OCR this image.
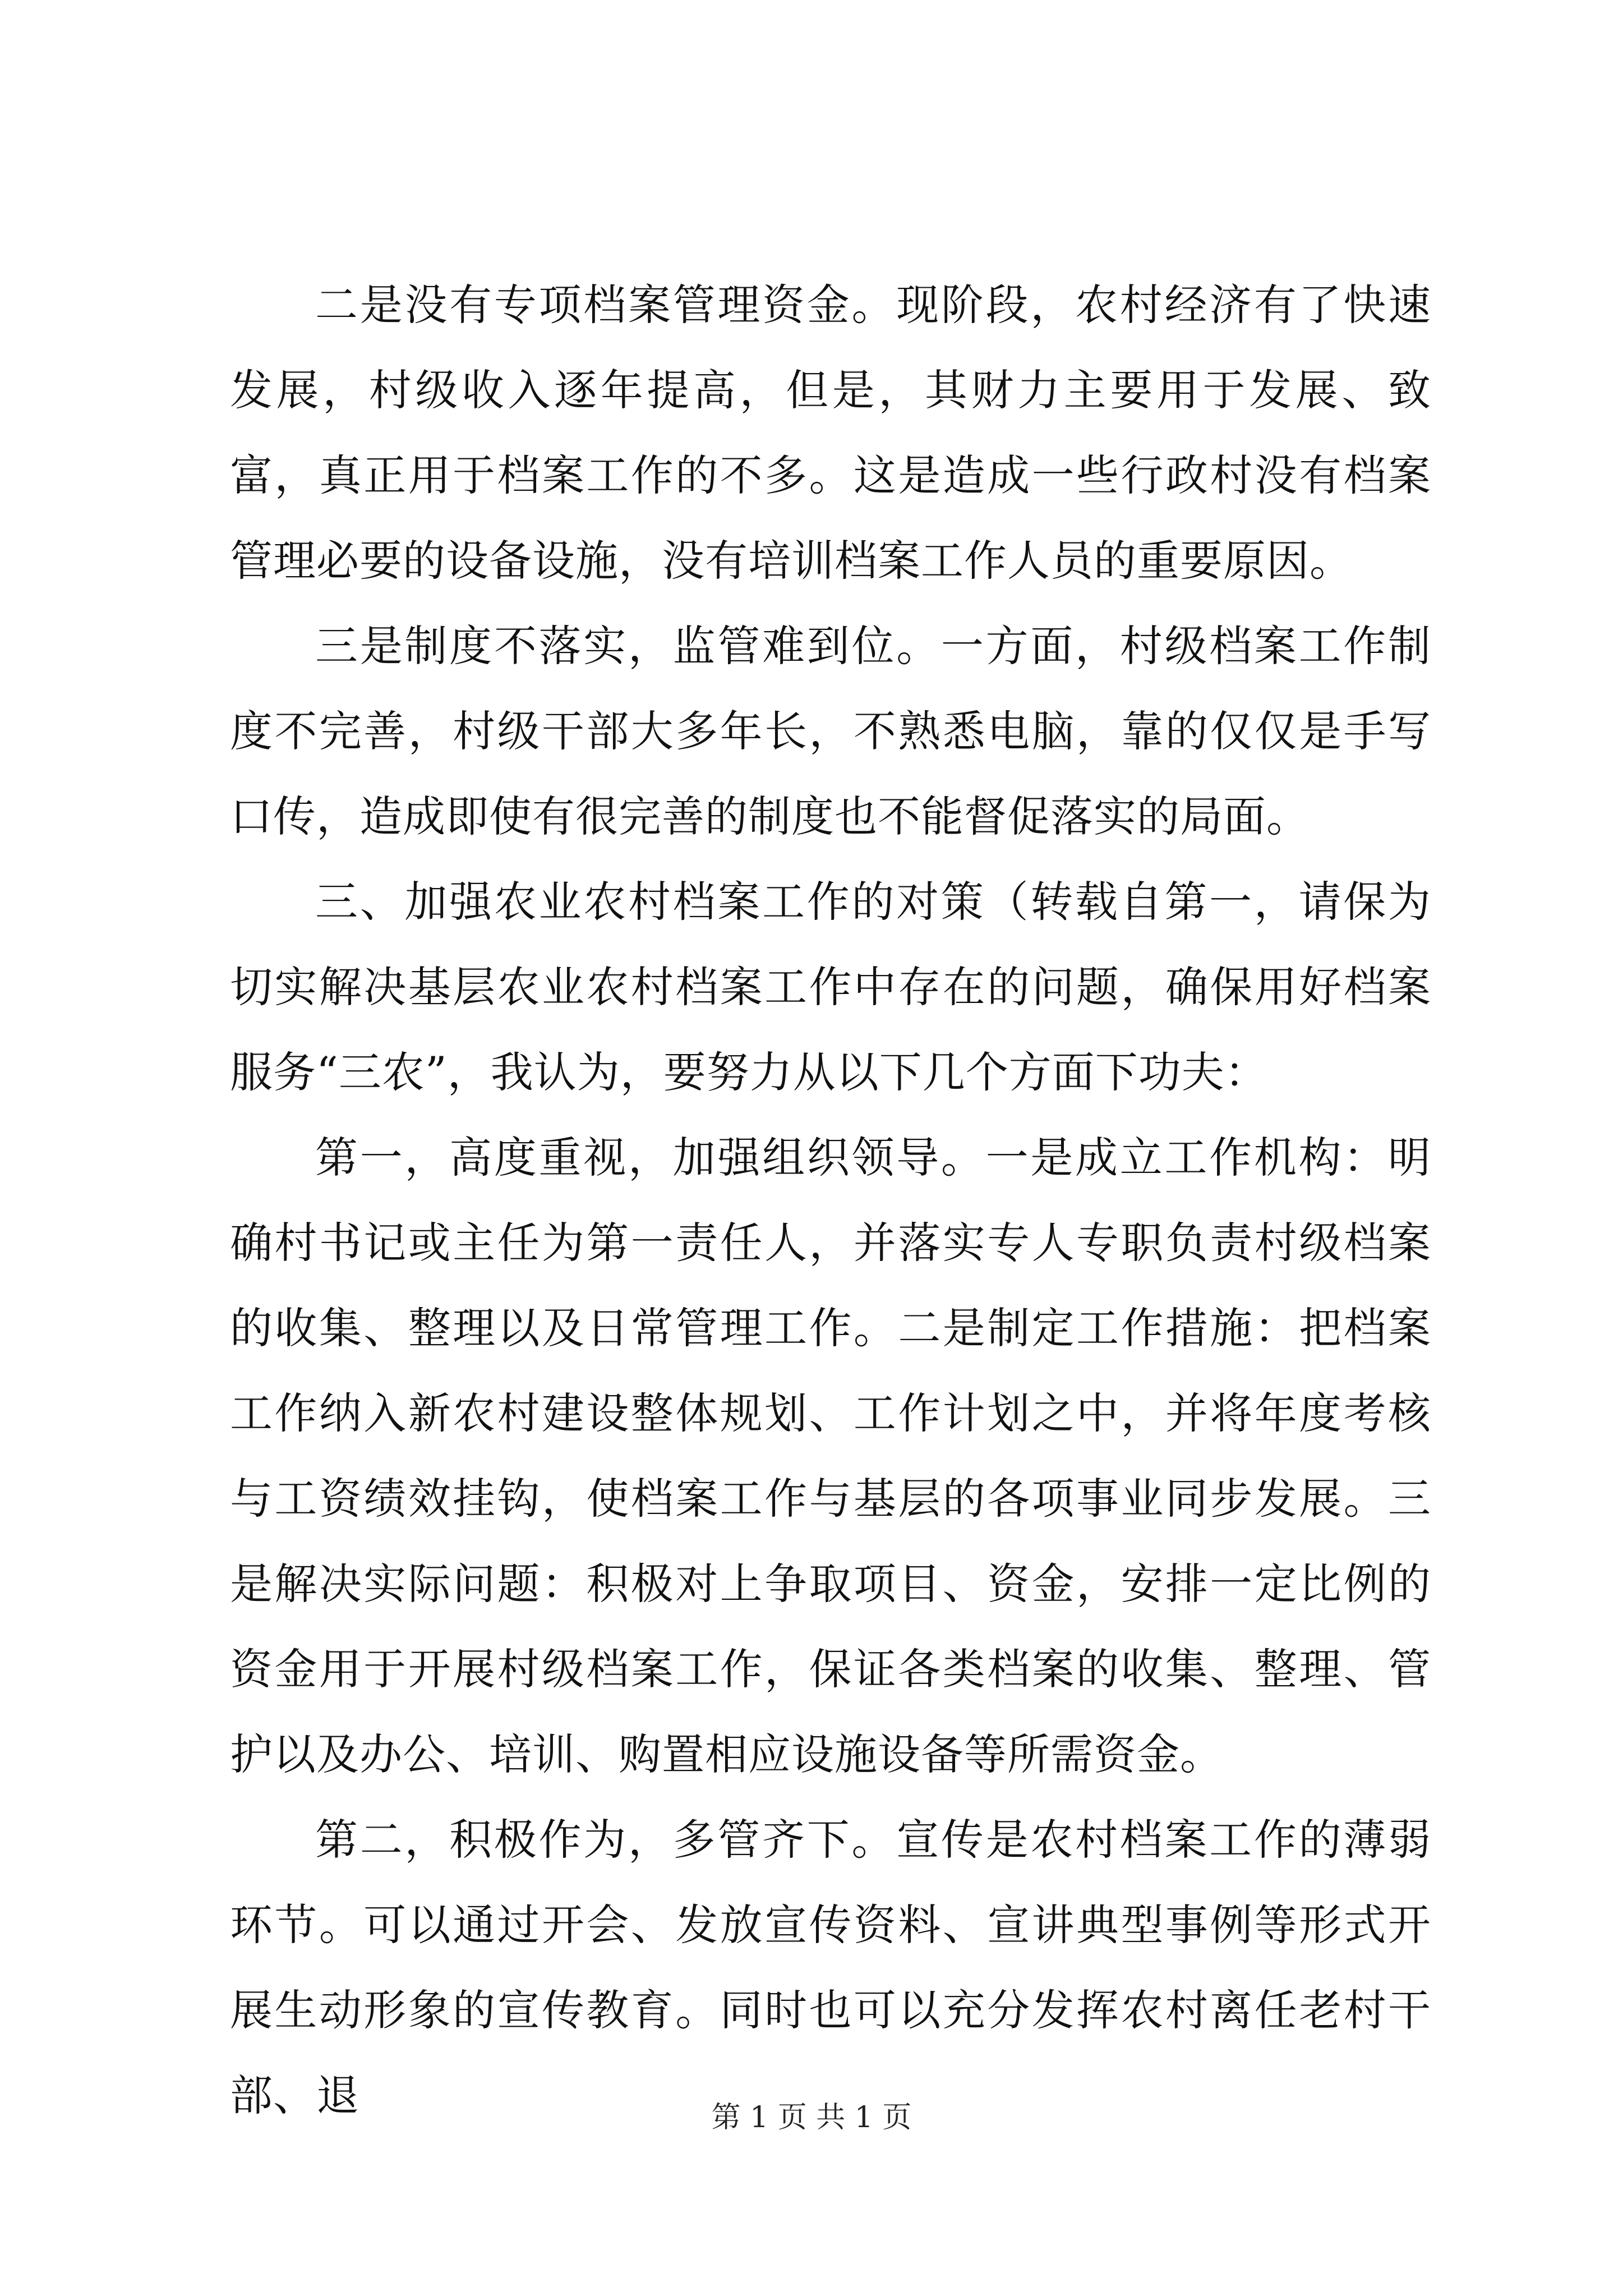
二是没有专项档案管理资金。现阶段，农村经济有了快速发展，村级收入逐年提高，但是，其财力主要用于发展、致富，真正用于档案工作的不多。这是造成一些行政村没有档案管理必要的设备设施，没有培训档案工作人员的重要原因。

三是制度不落实，监管难到位。一方面，村级档案工作制度不完善，村级干部大多年长，不熟悉电脑，靠的仅仅是手写口传，造成即使有很完善的制度也不能督促落实的局面。

三、加强农业农村档案工作的对策（转载自第一，请保为切实解决基层农业农村档案工作中存在的问题，确保用好档案服务“三农”，我认为，要努力从以下几个方面下功夫：

第一，高度重视，加强组织领导。一是成立工作机构：明确村书记或主任为第一责任人，并落实专人专职负责村级档案的收集、整理以及日常管理工作。二是制定工作措施：把档案工作纳入新农村建设整体规划、工作计划之中，并将年度考核与工资绩效挂钩，使档案工作与基层的各项事业同步发展。三是解决实际问题：积极对上争取项目、资金，安排一定比例的资金用于开展村级档案工作，保证各类档案的收集、整理、管护以及办公、培训、购置相应设施设备等所需资金。

第二，积极作为，多管齐下。宣传是农村档案工作的薄弱环节。可以通过开会、发放宣传资料、宣讲典型事例等形式开展生动形象的宣传教育。同时也可以充分发挥农村离任老村干部、退	第 1 页 共 1 页
